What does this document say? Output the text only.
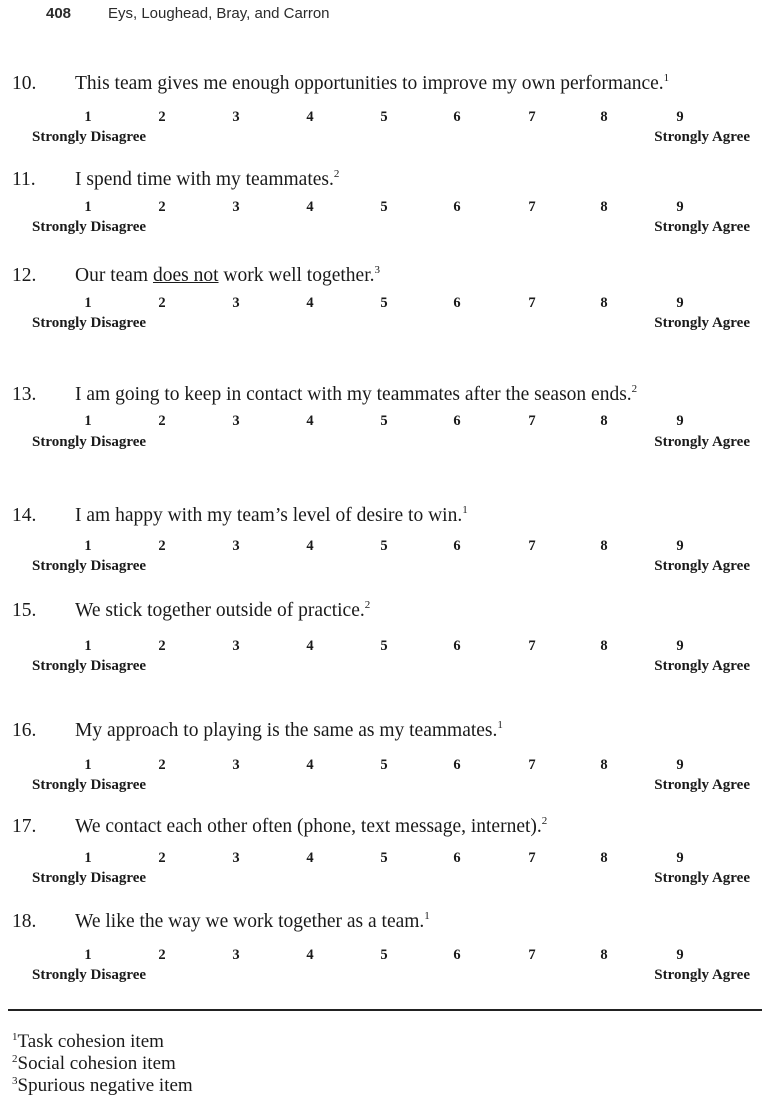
408 Eys, Loughead, Bray, and Carron
10. This team gives me enough opportunities to improve my own performance.$^1$
1	2	3	4	5	6	7	8	9
Strongly Disagree	Strongly Agree
11. I spend time with my teammates.$^2$
1	2	3	4	5	6	7	8	9
Strongly Disagree	Strongly Agree
12. Our team does not work well together.$^3$
1	2	3	4	5	6	7	8	9
Strongly Disagree	Strongly Agree
13. I am going to keep in contact with my teammates after the season ends.$^2$
1	2	3	4	5	6	7	8	9
Strongly Disagree	Strongly Agree
14. I am happy with my team’s level of desire to win.$^1$
1	2	3	4	5	6	7	8	9
Strongly Disagree	Strongly Agree
15. We stick together outside of practice.$^2$
1	2	3	4	5	6	7	8	9
Strongly Disagree	Strongly Agree
16. My approach to playing is the same as my teammates.$^1$
1	2	3	4	5	6	7	8	9
Strongly Disagree	Strongly Agree
17. We contact each other often (phone, text message, internet).$^2$
1	2	3	4	5	6	7	8	9
Strongly Disagree	Strongly Agree
18. We like the way we work together as a team.$^1$
1	2	3	4	5	6	7	8	9
Strongly Disagree	Strongly Agree
$^1$Task cohesion item
$^2$Social cohesion item
$^3$Spurious negative item
